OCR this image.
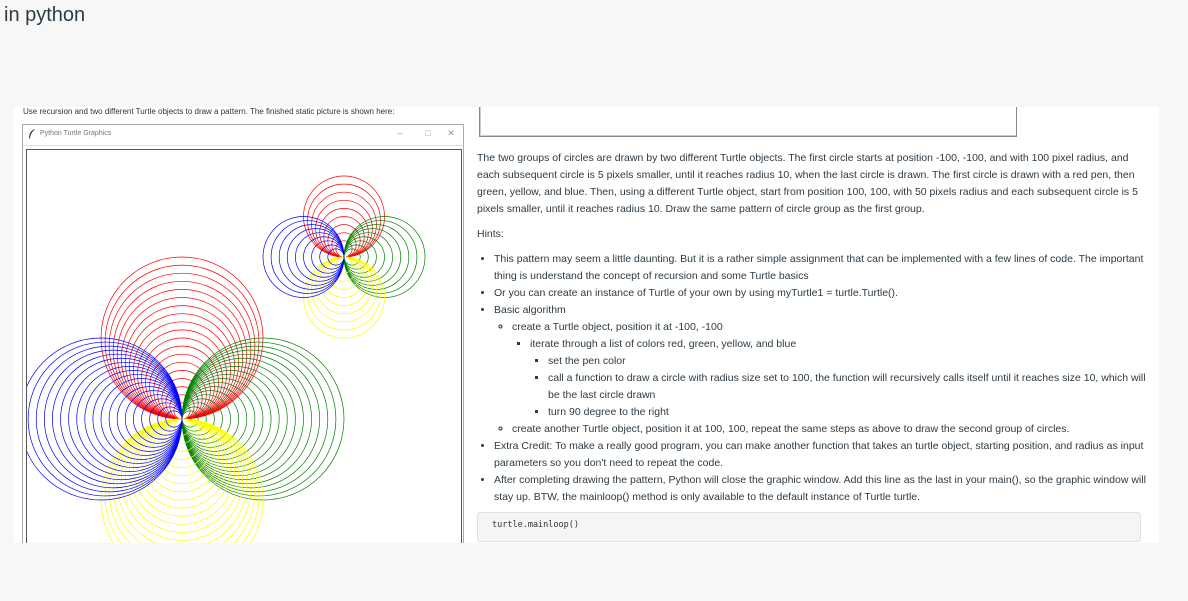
in python
Use recursion and two different Turtle objects to draw a pattern. The finished static picture is shown here:
Python Turtle Graphics	–	□	✕

The two groups of circles are drawn by two different Turtle objects. The first circle starts at position -100, -100, and with 100 pixel radius, and each subsequent circle is 5 pixels smaller, until it reaches radius 10, when the last circle is drawn. The first circle is drawn with a red pen, then green, yellow, and blue. Then, using a different Turtle object, start from position 100, 100, with 50 pixels radius and each subsequent circle is 5 pixels smaller, until it reaches radius 10. Draw the same pattern of circle group as the first group.

Hints:

• This pattern may seem a little daunting. But it is a rather simple assignment that can be implemented with a few lines of code. The important thing is understand the concept of recursion and some Turtle basics
• Or you can create an instance of Turtle of your own by using myTurtle1 = turtle.Turtle().
• Basic algorithm
◦ create a Turtle object, position it at -100, -100
▪ iterate through a list of colors red, green, yellow, and blue
▪ set the pen color
▪ call a function to draw a circle with radius size set to 100, the function will recursively calls itself until it reaches size 10, which will be the last circle drawn
▪ turn 90 degree to the right
◦ create another Turtle object, position it at 100, 100, repeat the same steps as above to draw the second group of circles.
• Extra Credit: To make a really good program, you can make another function that takes an turtle object, starting position, and radius as input parameters so you don't need to repeat the code.
• After completing drawing the pattern, Python will close the graphic window. Add this line as the last in your main(), so the graphic window will stay up. BTW, the mainloop() method is only available to the default instance of Turtle turtle.
turtle.mainloop()
